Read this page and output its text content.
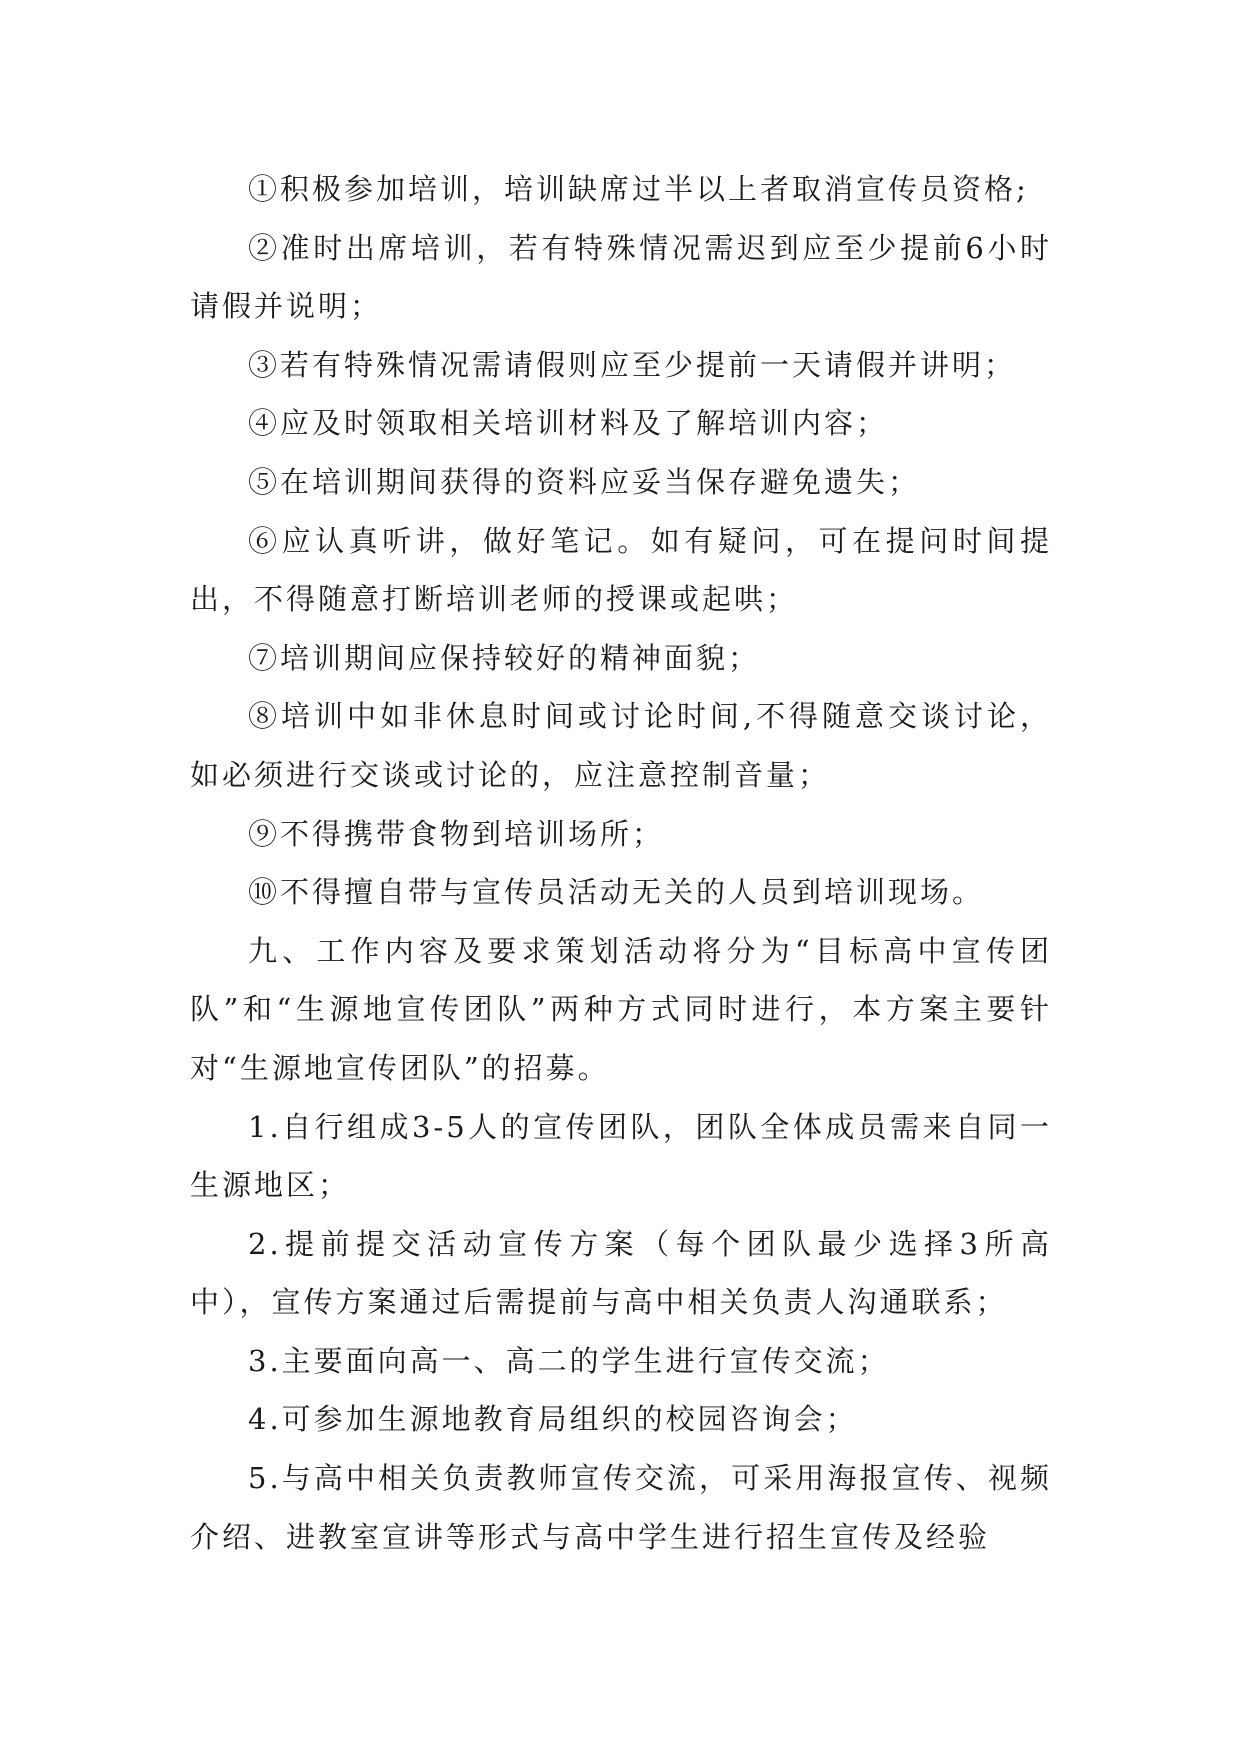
①积极参加培训，培训缺席过半以上者取消宣传员资格;

②准时出席培训，若有特殊情况需迟到应至少提前6小时请假并说明；

③若有特殊情况需请假则应至少提前一天请假并讲明；

④应及时领取相关培训材料及了解培训内容；

⑤在培训期间获得的资料应妥当保存避免遗失；

⑥应认真听讲，做好笔记。如有疑问，可在提问时间提出，不得随意打断培训老师的授课或起哄；

⑦培训期间应保持较好的精神面貌；

⑧培训中如非休息时间或讨论时间,不得随意交谈讨论，如必须进行交谈或讨论的，应注意控制音量；

⑨不得携带食物到培训场所；

⑩不得擅自带与宣传员活动无关的人员到培训现场。

九、工作内容及要求策划活动将分为“目标高中宣传团队”和“生源地宣传团队”两种方式同时进行，本方案主要针对“生源地宣传团队”的招募。

1.自行组成3-5人的宣传团队，团队全体成员需来自同一生源地区；

2.提前提交活动宣传方案（每个团队最少选择3所高中），宣传方案通过后需提前与高中相关负责人沟通联系；

3.主要面向高一、高二的学生进行宣传交流；

4.可参加生源地教育局组织的校园咨询会；

5.与高中相关负责教师宣传交流，可采用海报宣传、视频介绍、进教室宣讲等形式与高中学生进行招生宣传及经验
